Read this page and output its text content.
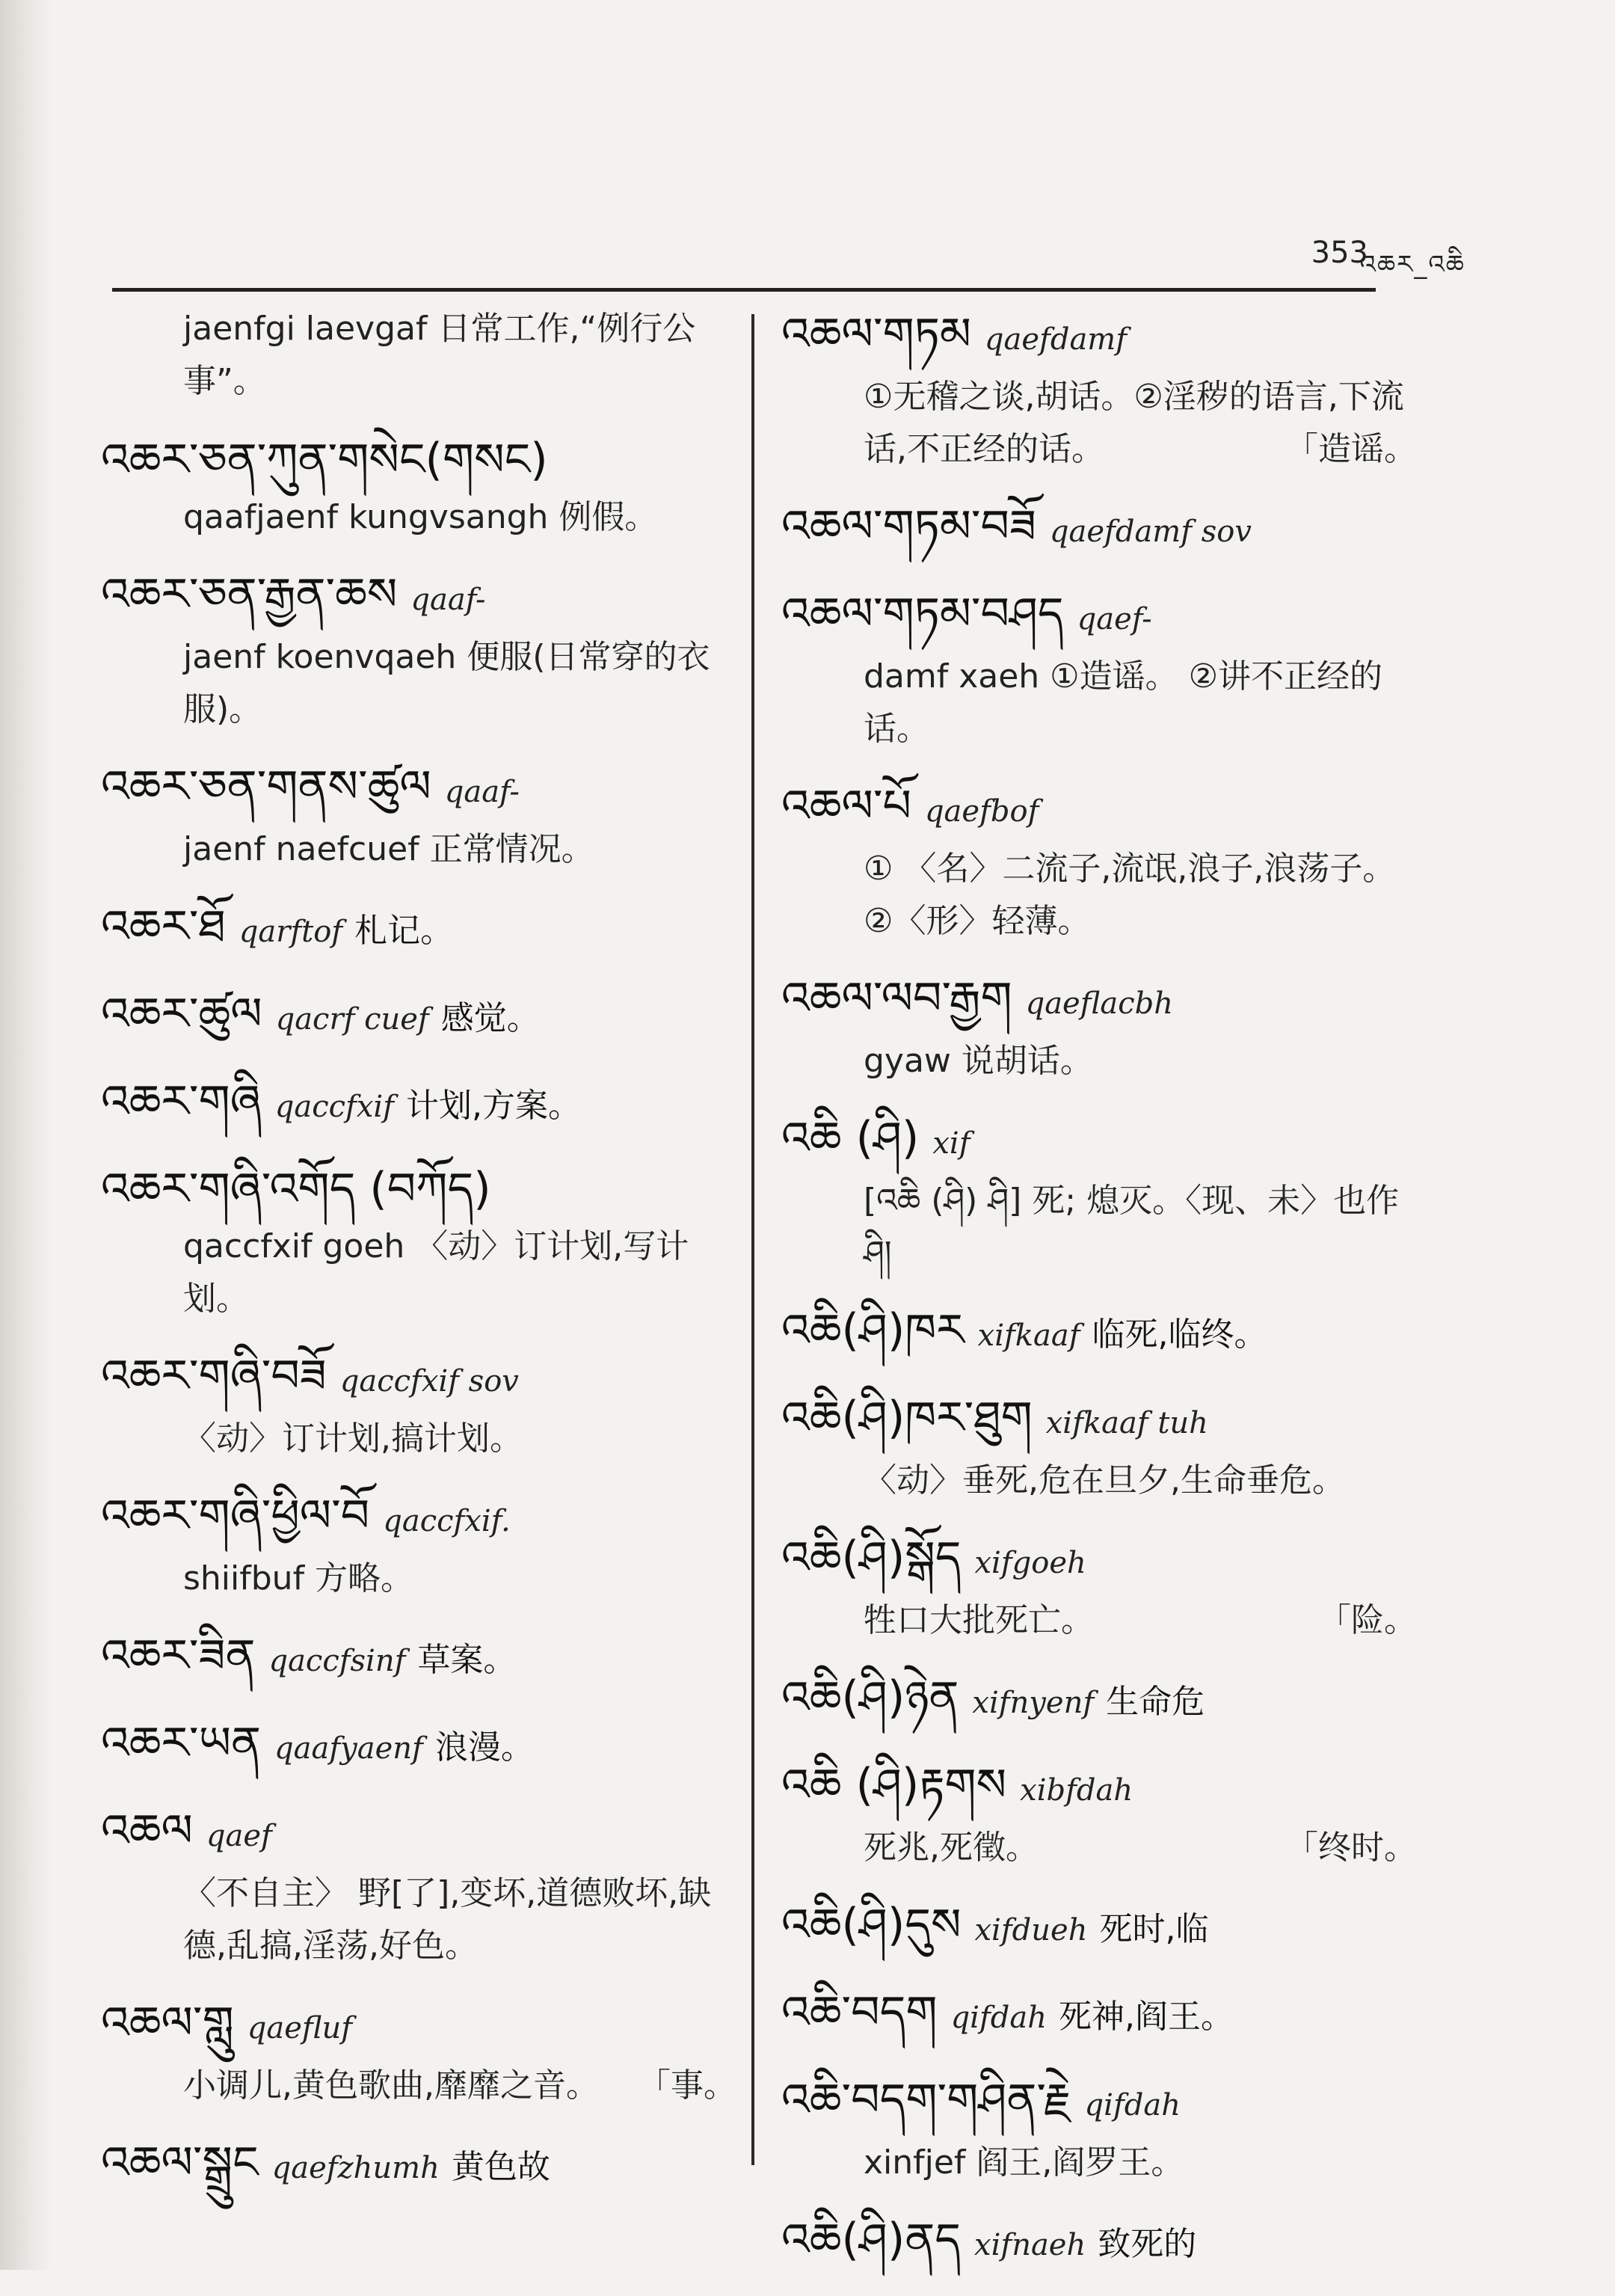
འཆར_འཆི
353
jaenfgi laevgaf 日常工作,“例行公事”。
འཆར་ཅན་ཀུན་གསེང(གསང)
qaafjaenf kungvsangh 例假。
འཆར་ཅན་རྒྱན་ཆས qaaf-
jaenf koenvqaeh 便服(日常穿的衣服)。
འཆར་ཅན་གནས་ཚུལ qaaf-
jaenf naefcuef 正常情况。
འཆར་ཐོ qarftof 札记。
འཆར་ཚུལ qacrf cuef 感觉。
འཆར་གཞི qaccfxif 计划,方案。
འཆར་གཞི་འགོད (བཀོད)
qaccfxif goeh 〈动〉订计划,写计划。
འཆར་གཞི་བཟོ qaccfxif sov
〈动〉订计划,搞计划。
འཆར་གཞི་ཕྱིལ་བོ qaccfxif.
shiifbuf 方略。
འཆར་ཟིན qaccfsinf 草案。
འཆར་ཡན qaafyaenf 浪漫。
འཆལ qaef
〈不自主〉 野[了],变坏,道德败坏,缺德,乱搞,淫荡,好色。
འཆལ་གླུ qaefluf
小调儿,黄色歌曲,靡靡之音。 「事。
འཆལ་སྒྲུང qaefzhumh 黄色故
འཆལ་གཏམ qaefdamf
①无稽之谈,胡话。②淫秽的语言,下流话,不正经的话。	「造谣。
འཆལ་གཏམ་བཟོ qaefdamf sov
འཆལ་གཏམ་བཤད qaef-
damf xaeh ①造谣。 ②讲不正经的话。
འཆལ་པོ qaefbof
① 〈名〉二流子,流氓,浪子,浪荡子。②〈形〉轻薄。
འཆལ་ལབ་རྒྱག qaeflacbh
gyaw 说胡话。
འཆི (ཤི) xif
[འཆི (ཤི) ཤི] 死; 熄灭。〈现、未〉也作 ཤི།
འཆི(ཤི)ཁར xifkaaf 临死,临终。
འཆི(ཤི)ཁར་ཐུག xifkaaf tuh
〈动〉垂死,危在旦夕,生命垂危。
འཆི(ཤི)སྒོད xifgoeh
牲口大批死亡。	「险。
འཆི(ཤི)ཉེན xifnyenf 生命危
འཆི (ཤི)རྟགས xibfdah
死兆,死徵。	「终时。
འཆི(ཤི)དུས xifdueh 死时,临
འཆི་བདག qifdah 死神,阎王。
འཆི་བདག་གཤིན་རྗེ qifdah
xinfjef 阎王,阎罗王。
འཆི(ཤི)ནད xifnaeh 致死的
